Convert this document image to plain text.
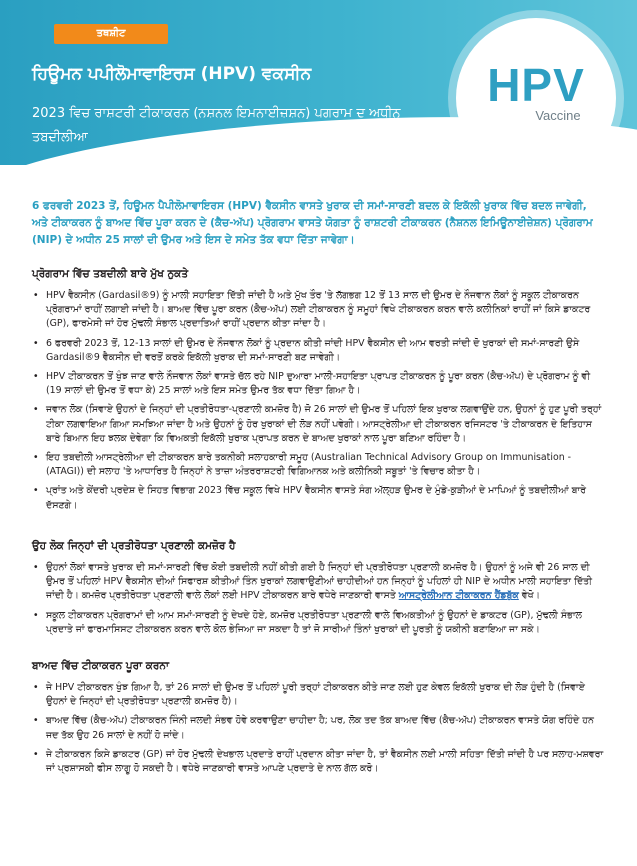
ਤਥਸ਼ੀਟ
ਹਿਊਮਨ ਪਪੀਲੋਮਾਵਾਇਰਸ (HPV) ਵਕਸੀਨ
2023 ਵਿਚ ਰਾਸ਼ਟਰੀ ਟੀਕਾਕਰਨ (ਨਸ਼ਨਲ ਇਮਨਾਈਜ਼ਸ਼ਨ) ਪਗਰਾਮ ਦ ਅਧੀਨ ਤਬਦੀਲੀਆ
HPV
Vaccine
6 ਫਰਵਰੀ 2023 ਤੋਂ, ਹਿਊਮਨ ਪੈਪੀਲੋਮਾਵਾਇਰਸ (HPV) ਵੈਕਸੀਨ ਵਾਸਤੇ ਖੁਰਾਕ ਦੀ ਸਮਾਂ-ਸਾਰਣੀ ਬਦਲ ਕੇ ਇਕੱਲੀ ਖੁਰਾਕ ਵਿੱਚ ਬਦਲ ਜਾਵੇਗੀ, ਅਤੇ ਟੀਕਾਕਰਨ ਨੂੰ ਬਾਅਦ ਵਿੱਚ ਪੂਰਾ ਕਰਨ ਦੇ (ਕੈਚ-ਅੱਪ) ਪ੍ਰੋਗਰਾਮ ਵਾਸਤੇ ਯੋਗਤਾ ਨੂੰ ਰਾਸ਼ਟਰੀ ਟੀਕਾਕਰਨ (ਨੈਸ਼ਨਲ ਇਮਿਊਨਾਈਜ਼ੇਸ਼ਨ) ਪ੍ਰੋਗਰਾਮ (NIP) ਦੇ ਅਧੀਨ 25 ਸਾਲਾਂ ਦੀ ਉਮਰ ਅਤੇ ਇਸ ਦੇ ਸਮੇਤ ਤੱਕ ਵਧਾ ਦਿੱਤਾ ਜਾਵੇਗਾ।
ਪ੍ਰੋਗਰਾਮ ਵਿੱਚ ਤਬਦੀਲੀ ਬਾਰੇ ਮੁੱਖ ਨੁਕਤੇ
• HPV ਵੈਕਸੀਨ (Gardasil®9) ਨੂੰ ਮਾਲੀ ਸਹਾਇਤਾ ਦਿੱਤੀ ਜਾਂਦੀ ਹੈ ਅਤੇ ਮੁੱਖ ਤੌਰ 'ਤੇ ਲੱਗਭਗ 12 ਤੋਂ 13 ਸਾਲ ਦੀ ਉਮਰ ਦੇ ਨੌਜਵਾਨ ਲੋਕਾਂ ਨੂੰ ਸਕੂਲ ਟੀਕਾਕਰਨ ਪ੍ਰੋਗਰਾਮਾਂ ਰਾਹੀਂ ਲਗਾਈ ਜਾਂਦੀ ਹੈ। ਬਾਅਦ ਵਿੱਚ ਪੂਰਾ ਕਰਨ (ਕੈਚ-ਅੱਪ) ਲਈ ਟੀਕਾਕਰਨ ਨੂੰ ਸਮੂਹਾਂ ਵਿਖੇ ਟੀਕਾਕਰਨ ਕਰਨ ਵਾਲੇ ਕਲੀਨਿਕਾਂ ਰਾਹੀਂ ਜਾਂ ਕਿਸੇ ਡਾਕਟਰ (GP), ਫਾਰਮੇਸੀ ਜਾਂ ਹੋਰ ਮੁੱਢਲੀ ਸੰਭਾਲ ਪ੍ਰਦਾਤਿਆਂ ਰਾਹੀਂ ਪ੍ਰਦਾਨ ਕੀਤਾ ਜਾਂਦਾ ਹੈ।
• 6 ਫਰਵਰੀ 2023 ਤੋਂ, 12-13 ਸਾਲਾਂ ਦੀ ਉਮਰ ਦੇ ਨੌਜਵਾਨ ਲੋਕਾਂ ਨੂੰ ਪ੍ਰਦਾਨ ਕੀਤੀ ਜਾਂਦੀ HPV ਵੈਕਸੀਨ ਦੀ ਆਮ ਵਰਤੀ ਜਾਂਦੀ ਦੋ ਖੁਰਾਕਾਂ ਦੀ ਸਮਾਂ-ਸਾਰਣੀ ਉਸੇ Gardasil®9 ਵੈਕਸੀਨ ਦੀ ਵਰਤੋਂ ਕਰਕੇ ਇਕੱਲੀ ਖੁਰਾਕ ਦੀ ਸਮਾਂ-ਸਾਰਣੀ ਬਣ ਜਾਵੇਗੀ।
• HPV ਟੀਕਾਕਰਨ ਤੋਂ ਖੁੰਝ ਜਾਣ ਵਾਲੇ ਨੌਜਵਾਨ ਲੋਕਾਂ ਵਾਸਤੇ ਚੱਲ ਰਹੇ NIP ਦੁਆਰਾ ਮਾਲੀ-ਸਹਾਇਤਾ ਪ੍ਰਾਪਤ ਟੀਕਾਕਰਨ ਨੂੰ ਪੂਰਾ ਕਰਨ (ਕੈਚ-ਅੱਪ) ਦੇ ਪ੍ਰੋਗਰਾਮ ਨੂੰ ਵੀ (19 ਸਾਲਾਂ ਦੀ ਉਮਰ ਤੋਂ ਵਧਾ ਕੇ) 25 ਸਾਲਾਂ ਅਤੇ ਇਸ ਸਮੇਤ ਉਮਰ ਤੱਕ ਵਧਾ ਦਿੱਤਾ ਗਿਆ ਹੈ।
• ਜਵਾਨ ਲੋਕ (ਸਿਵਾਏ ਉਹਨਾਂ ਦੇ ਜਿਨ੍ਹਾਂ ਦੀ ਪ੍ਰਤੀਰੋਧਤਾ-ਪ੍ਰਣਾਲੀ ਕਮਜ਼ੋਰ ਹੈ) ਜੋ 26 ਸਾਲਾਂ ਦੀ ਉਮਰ ਤੋਂ ਪਹਿਲਾਂ ਇਕ ਖੁਰਾਕ ਲਗਵਾਉਂਦੇ ਹਨ, ਉਹਨਾਂ ਨੂੰ ਹੁਣ ਪੂਰੀ ਤਰ੍ਹਾਂ ਟੀਕਾ ਲਗਵਾਇਆ ਗਿਆ ਸਮਝਿਆ ਜਾਂਦਾ ਹੈ ਅਤੇ ਉਹਨਾਂ ਨੂੰ ਹੋਰ ਖੁਰਾਕਾਂ ਦੀ ਲੋੜ ਨਹੀਂ ਪਵੇਗੀ। ਆਸਟ੍ਰੇਲੀਆ ਦੀ ਟੀਕਾਕਰਨ ਰਜਿਸਟਰ 'ਤੇ ਟੀਕਾਕਰਨ ਦੇ ਇਤਿਹਾਸ ਬਾਰੇ ਬਿਆਨ ਇਹ ਝਲਕ ਦੇਵੇਗਾ ਕਿ ਵਿਅਕਤੀ ਇਕੱਲੀ ਖੁਰਾਕ ਪ੍ਰਾਪਤ ਕਰਨ ਦੇ ਬਾਅਦ ਖੁਰਾਕਾਂ ਨਾਲ ਪੂਰਾ ਬਣਿਆ ਰਹਿੰਦਾ ਹੈ।
• ਇਹ ਤਬਦੀਲੀ ਆਸਟ੍ਰੇਲੀਆ ਦੀ ਟੀਕਾਕਰਨ ਬਾਰੇ ਤਕਨੀਕੀ ਸਲਾਹਕਾਰੀ ਸਮੂਹ (Australian Technical Advisory Group on Immunisation - (ATAGI)) ਦੀ ਸਲਾਹ 'ਤੇ ਆਧਾਰਿਤ ਹੈ ਜਿਨ੍ਹਾਂ ਨੇ ਤਾਜ਼ਾ ਅੰਤਰਰਾਸ਼ਟਰੀ ਵਿਗਿਆਨਕ ਅਤੇ ਕਲੀਨਿਕੀ ਸਬੂਤਾਂ 'ਤੇ ਵਿਚਾਰ ਕੀਤਾ ਹੈ।
• ਪ੍ਰਾਂਤ ਅਤੇ ਕੇਂਦਰੀ ਪ੍ਰਦੇਸ਼ ਦੇ ਸਿਹਤ ਵਿਭਾਗ 2023 ਵਿੱਚ ਸਕੂਲ ਵਿਖੇ HPV ਵੈਕਸੀਨ ਵਾਸਤੇ ਸੰਗ ਅੱਲ੍ਹੜ ਉਮਰ ਦੇ ਮੁੰਡੇ-ਕੁੜੀਆਂ ਦੇ ਮਾਪਿਆਂ ਨੂੰ ਤਬਦੀਲੀਆਂ ਬਾਰੇ ਦੱਸਣਗੇ।
ਉਹ ਲੋਕ ਜਿਨ੍ਹਾਂ ਦੀ ਪ੍ਰਤੀਰੋਧਤਾ ਪ੍ਰਣਾਲੀ ਕਮਜ਼ੋਰ ਹੈ
• ਉਹਨਾਂ ਲੋਕਾਂ ਵਾਸਤੇ ਖੁਰਾਕ ਦੀ ਸਮਾਂ-ਸਾਰਣੀ ਵਿੱਚ ਕੋਈ ਤਬਦੀਲੀ ਨਹੀਂ ਕੀਤੀ ਗਈ ਹੈ ਜਿਨ੍ਹਾਂ ਦੀ ਪ੍ਰਤੀਰੋਧਤਾ ਪ੍ਰਣਾਲੀ ਕਮਜ਼ੋਰ ਹੈ। ਉਹਨਾਂ ਨੂੰ ਅਜੇ ਵੀ 26 ਸਾਲ ਦੀ ਉਮਰ ਤੋਂ ਪਹਿਲਾਂ HPV ਵੈਕਸੀਨ ਦੀਆਂ ਸਿਫਾਰਸ਼ ਕੀਤੀਆਂ ਤਿੰਨ ਖੁਰਾਕਾਂ ਲਗਵਾਉਣੀਆਂ ਚਾਹੀਦੀਆਂ ਹਨ ਜਿਨ੍ਹਾਂ ਨੂੰ ਪਹਿਲਾਂ ਹੀ NIP ਦੇ ਅਧੀਨ ਮਾਲੀ ਸਹਾਇਤਾ ਦਿੱਤੀ ਜਾਂਦੀ ਹੈ। ਕਮਜ਼ੋਰ ਪ੍ਰਤੀਰੋਧਤਾ ਪ੍ਰਣਾਲੀ ਵਾਲੇ ਲੋਕਾਂ ਲਈ HPV ਟੀਕਾਕਰਨ ਬਾਰੇ ਵਧੇਰੇ ਜਾਣਕਾਰੀ ਵਾਸਤੇ ਆਸਟ੍ਰੇਲੀਆਨ ਟੀਕਾਕਰਨ ਹੈਂਡਬੁੱਕ ਵੇਖੋ।
• ਸਕੂਲ ਟੀਕਾਕਰਨ ਪ੍ਰੋਗਰਾਮਾਂ ਦੀ ਆਮ ਸਮਾਂ-ਸਾਰਣੀ ਨੂੰ ਦੇਖਦੇ ਹੋਏ, ਕਮਜ਼ੋਰ ਪ੍ਰਤੀਰੋਧਤਾ ਪ੍ਰਣਾਲੀ ਵਾਲੇ ਵਿਅਕਤੀਆਂ ਨੂੰ ਉਹਨਾਂ ਦੇ ਡਾਕਟਰ (GP), ਮੁੱਢਲੀ ਸੰਭਾਲ ਪ੍ਰਦਾਤੇ ਜਾਂ ਫਾਰਮਾਸਿਸਟ ਟੀਕਾਕਰਨ ਕਰਨ ਵਾਲੇ ਕੋਲ ਭੇਜਿਆ ਜਾ ਸਕਦਾ ਹੈ ਤਾਂ ਜੋ ਸਾਰੀਆਂ ਤਿੰਨਾਂ ਖੁਰਾਕਾਂ ਦੀ ਪੂਰਤੀ ਨੂੰ ਯਕੀਨੀ ਬਣਾਇਆ ਜਾ ਸਕੇ।
ਬਾਅਦ ਵਿੱਚ ਟੀਕਾਕਰਨ ਪੂਰਾ ਕਰਨਾ
• ਜੇ HPV ਟੀਕਾਕਰਨ ਖੁੰਝ ਗਿਆ ਹੈ, ਤਾਂ 26 ਸਾਲਾਂ ਦੀ ਉਮਰ ਤੋਂ ਪਹਿਲਾਂ ਪੂਰੀ ਤਰ੍ਹਾਂ ਟੀਕਾਕਰਨ ਕੀਤੇ ਜਾਣ ਲਈ ਹੁਣ ਕੇਵਲ ਇਕੱਲੀ ਖੁਰਾਕ ਦੀ ਲੋੜ ਹੁੰਦੀ ਹੈ (ਸਿਵਾਏ ਉਹਨਾਂ ਦੇ ਜਿਨ੍ਹਾਂ ਦੀ ਪ੍ਰਤੀਰੋਧਤਾ ਪ੍ਰਣਾਲੀ ਕਮਜ਼ੋਰ ਹੈ)।
• ਬਾਅਦ ਵਿੱਚ (ਕੈਚ-ਅੱਪ) ਟੀਕਾਕਰਨ ਜਿੰਨੀ ਜਲਦੀ ਸੰਭਵ ਹੋਵੇ ਕਰਵਾਉਣਾ ਚਾਹੀਦਾ ਹੈ; ਪਰ, ਲੋਕ ਤਦ ਤੱਕ ਬਾਅਦ ਵਿੱਚ (ਕੈਚ-ਅੱਪ) ਟੀਕਾਕਰਨ ਵਾਸਤੇ ਯੋਗ ਰਹਿੰਦੇ ਹਨ ਜਦ ਤੱਕ ਉਹ 26 ਸਾਲਾਂ ਦੇ ਨਹੀਂ ਹੋ ਜਾਂਦੇ।
• ਜੇ ਟੀਕਾਕਰਨ ਕਿਸੇ ਡਾਕਟਰ (GP) ਜਾਂ ਹੋਰ ਮੁੱਢਲੀ ਦੇਖਭਾਲ ਪ੍ਰਦਾਤੇ ਰਾਹੀਂ ਪ੍ਰਦਾਨ ਕੀਤਾ ਜਾਂਦਾ ਹੈ, ਤਾਂ ਵੈਕਸੀਨ ਲਈ ਮਾਲੀ ਸਹਿਤਾ ਦਿੱਤੀ ਜਾਂਦੀ ਹੈ ਪਰ ਸਲਾਹ-ਮਸ਼ਵਰਾ ਜਾਂ ਪ੍ਰਸ਼ਾਸਕੀ ਫੀਸ ਲਾਗੂ ਹੋ ਸਕਦੀ ਹੈ। ਵਧੇਰੇ ਜਾਣਕਾਰੀ ਵਾਸਤੇ ਆਪਣੇ ਪ੍ਰਦਾਤੇ ਦੇ ਨਾਲ ਗੱਲ ਕਰੋ।
